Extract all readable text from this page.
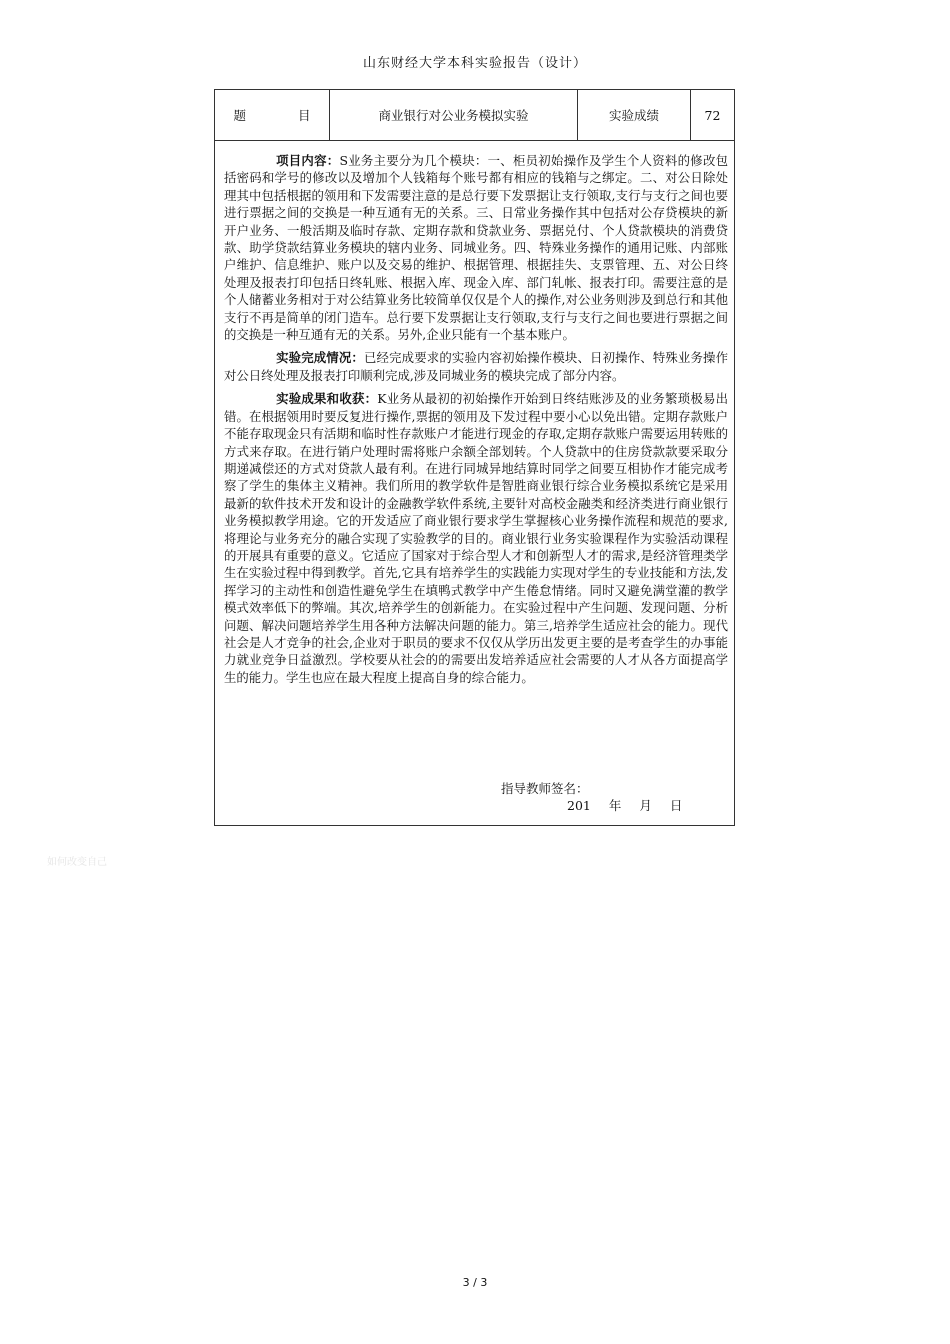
山东财经大学本科实验报告（设计）
题	目	商业银行对公业务模拟实验	实验成绩	72

项目内容：S业务主要分为几个模块：一、柜员初始操作及学生个人资料的修改包括密码和学号的修改以及增加个人钱箱每个账号都有相应的钱箱与之绑定。二、对公日除处理其中包括根据的领用和下发需要注意的是总行要下发票据让支行领取,支行与支行之间也要进行票据之间的交换是一种互通有无的关系。三、日常业务操作其中包括对公存贷模块的新开户业务、一般活期及临时存款、定期存款和贷款业务、票据兑付、个人贷款模块的消费贷款、助学贷款结算业务模块的辖内业务、同城业务。四、特殊业务操作的通用记账、内部账户维护、信息维护、账户以及交易的维护、根据管理、根据挂失、支票管理、五、对公日终处理及报表打印包括日终轧账、根据入库、现金入库、部门轧帐、报表打印。需要注意的是个人储蓄业务相对于对公结算业务比较简单仅仅是个人的操作,对公业务则涉及到总行和其他支行不再是简单的闭门造车。总行要下发票据让支行领取,支行与支行之间也要进行票据之间的交换是一种互通有无的关系。另外,企业只能有一个基本账户。

实验完成情况：已经完成要求的实验内容初始操作模块、日初操作、特殊业务操作对公日终处理及报表打印顺利完成,涉及同城业务的模块完成了部分内容。

实验成果和收获：K业务从最初的初始操作开始到日终结账涉及的业务繁琐极易出错。在根据领用时要反复进行操作,票据的领用及下发过程中要小心以免出错。定期存款账户不能存取现金只有活期和临时性存款账户才能进行现金的存取,定期存款账户需要运用转账的方式来存取。在进行销户处理时需将账户余额全部划转。个人贷款中的住房贷款款要采取分期递减偿还的方式对贷款人最有利。在进行同城异地结算时同学之间要互相协作才能完成考察了学生的集体主义精神。我们所用的教学软件是智胜商业银行综合业务模拟系统它是采用最新的软件技术开发和设计的金融教学软件系统,主要针对高校金融类和经济类进行商业银行业务模拟教学用途。它的开发适应了商业银行要求学生掌握核心业务操作流程和规范的要求,将理论与业务充分的融合实现了实验教学的目的。商业银行业务实验课程作为实验活动课程的开展具有重要的意义。它适应了国家对于综合型人才和创新型人才的需求,是经济管理类学生在实验过程中得到教学。首先,它具有培养学生的实践能力实现对学生的专业技能和方法,发挥学习的主动性和创造性避免学生在填鸭式教学中产生倦怠情绪。同时又避免满堂灌的教学模式效率低下的弊端。其次,培养学生的创新能力。在实验过程中产生问题、发现问题、分析问题、解决问题培养学生用各种方法解决问题的能力。第三,培养学生适应社会的能力。现代社会是人才竞争的社会,企业对于职员的要求不仅仅从学历出发更主要的是考查学生的办事能力就业竞争日益激烈。学校要从社会的的需要出发培养适应社会需要的人才从各方面提高学生的能力。学生也应在最大程度上提高自身的综合能力。

指导教师签名：
201 年 月 日
如何改变自己
3 / 3
